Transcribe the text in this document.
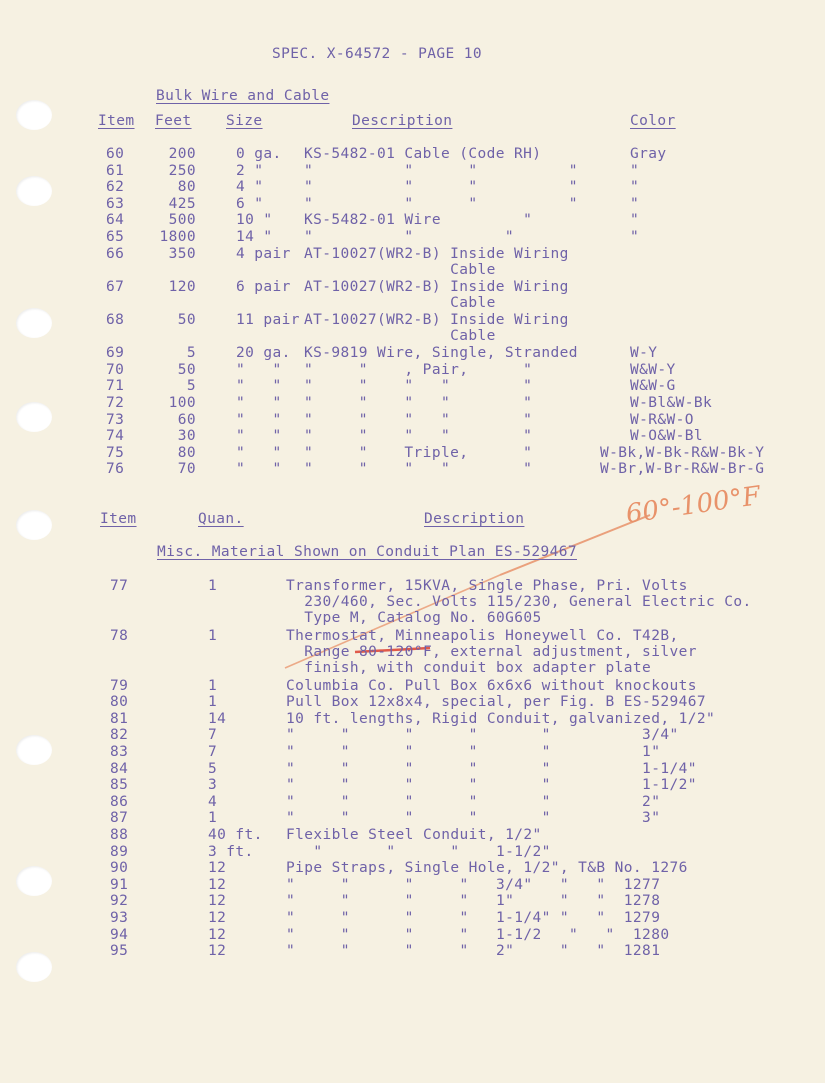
SPEC. X-64572 - PAGE 10
Bulk Wire and Cable
Item Feet Size	Description	Color
60	200	0 ga. KS-5482-01 Cable (Code RH)	Gray
61	250	2 "	"          "      "          "	"
62	80	4 "	"          "      "          "	"
63	425	6 "	"          "      "          "	"
64	500	10 " KS-5482-01 Wire         "	"
65 1800	14 " "          "          "	"
66	350	4 pair AT-10027(WR2-B) Inside Wiring
Cable
67	120	6 pair AT-10027(WR2-B) Inside Wiring
Cable
68	50	11 pair AT-10027(WR2-B) Inside Wiring
Cable
69	5	20 ga. KS-9819 Wire, Single, Stranded	W-Y
70	50	"   " "     "    , Pair,      "	W&W-Y
71	5	"   " "     "    "   "        "	W&W-G
72	100	"   " "     "    "   "        "	W-Bl&W-Bk
73	60	"   " "     "    "   "        "	W-R&W-O
74	30	"   " "     "    "   "        "	W-O&W-Bl
75	80	"   " "     "    Triple,      "	W-Bk,W-Bk-R&W-Bk-Y
76	70	"   " "     "    "   "        "	W-Br,W-Br-R&W-Br-G
Item	Quan.	Description
Misc. Material Shown on Conduit Plan ES-529467
77	1	Transformer, 15KVA, Single Phase, Pri. Volts
230/460, Sec. Volts 115/230, General Electric Co.
Type M, Catalog No. 60G605
78	1	Thermostat, Minneapolis Honeywell Co. T42B,
Range 80-120°F, external adjustment, silver
finish, with conduit box adapter plate
79	1	Columbia Co. Pull Box 6x6x6 without knockouts
80	1	Pull Box 12x8x4, special, per Fig. B ES-529467
81	14	10 ft. lengths, Rigid Conduit, galvanized, 1/2"
82	7	"     "      "      "       "          3/4"
83	7	"     "      "      "       "          1"
84	5	"     "      "      "       "          1-1/4"
85	3	"     "      "      "       "          1-1/2"
86	4	"     "      "      "       "          2"
87	1	"     "      "      "       "          3"
88	40 ft. Flexible Steel Conduit, 1/2"
89	3 ft. "       "      "    1-1/2"
90	12	Pipe Straps, Single Hole, 1/2", T&B No. 1276
91	12	"     "      "     "   3/4"   "   "  1277
92	12	"     "      "     "   1"     "   "  1278
93	12	"     "      "     "   1-1/4" "   "  1279
94	12	"     "      "     "   1-1/2   "   "  1280
95	12	"     "      "     "   2"     "   "  1281
60°-100°F
